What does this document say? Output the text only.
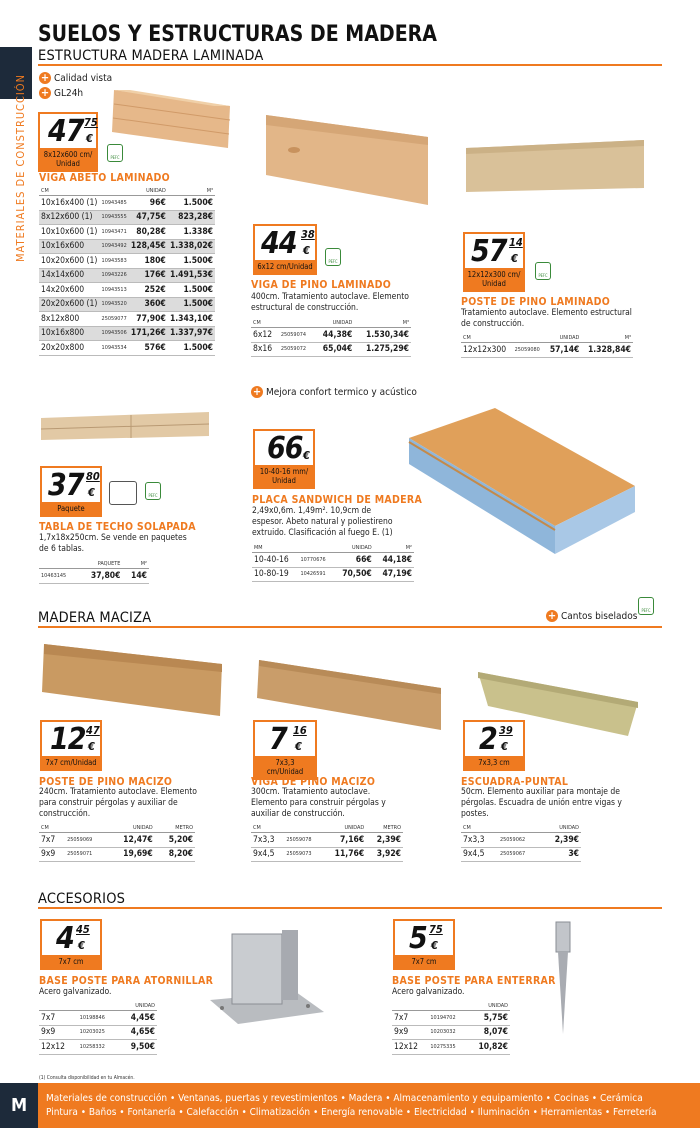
SUELOS Y ESTRUCTURAS DE MADERA
ESTRUCTURA MADERA LAMINADA
MATERIALES DE CONSTRUCCIÓN + Calidad vista
+ GL24h
47 75
€
8x12x600 cm/ Unidad
PEFC
VIGA ABETO LAMINADO
CM		UNIDAD	M³
10x16x400 (1)	10943485	96€	1.500€
8x12x600 (1)	10943555	47,75€	823,28€
10x10x600 (1)	10943471	80,28€	1.338€
10x16x600	10943492	128,45€	1.338,02€
10x20x600 (1)	10943583	180€	1.500€
14x14x600	10943226	176€	1.491,53€
14x20x600	10943513	252€	1.500€
20x20x600 (1)	10943520	360€	1.500€
8x12x800	25059077	77,90€	1.343,10€
10x16x800	10943506	171,26€	1.337,97€
20x20x800	10943534	576€	1.500€
44 38
€
6x12 cm/Unidad
PEFC
VIGA DE PINO LAMINADO
400cm. Tratamiento autoclave. Elemento estructural de construcción.
CM		UNIDAD	M³
6x12	25059074	44,38€	1.530,34€
8x16	25059072	65,04€	1.275,29€
57 14
€
12x12x300 cm/ Unidad
PEFC
POSTE DE PINO LAMINADO
Tratamiento autoclave. Elemento estructural de construcción.
CM		UNIDAD	M³
12x12x300	25059080	57,14€	1.328,84€
+ Mejora confort termico y acústico
37 80
€
Paquete
PEFC
TABLA DE TECHO SOLAPADA
1,7x18x250cm. Se vende en paquetes de 6 tablas.
	PAQUETE	M²
10463145	37,80€	14€
66 €
10-40-16 mm/ Unidad
PLACA SANDWICH DE MADERA
2,49x0,6m. 1,49m². 10,9cm de espesor. Abeto natural y poliestireno extruido. Clasificación al fuego E. (1)
MM		UNIDAD	M²
10-40-16	10770676	66€	44,18€
10-80-19	10426591	70,50€	47,19€
MADERA MACIZA	+ Cantos biselados
PEFC
12 47
€
7x7 cm/Unidad
POSTE DE PINO MACIZO
240cm. Tratamiento autoclave. Elemento para construir pérgolas y auxiliar de construcción.
CM		UNIDAD	METRO
7x7	25059069	12,47€	5,20€
9x9	25059071	19,69€	8,20€
7 16
€
7x3,3 cm/Unidad
VIGA DE PINO MACIZO
300cm. Tratamiento autoclave. Elemento para construir pérgolas y auxiliar de construcción.
CM		UNIDAD	METRO
7x3,3	25059078	7,16€	2,39€
9x4,5	25059073	11,76€	3,92€
2 39
€
7x3,3 cm
ESCUADRA-PUNTAL
50cm. Elemento auxiliar para montaje de pérgolas. Escuadra de unión entre vigas y postes.
CM		UNIDAD
7x3,3	25059062	2,39€
9x4,5	25059067	3€
ACCESORIOS
4 45
€
7x7 cm
BASE POSTE PARA ATORNILLAR
Acero galvanizado.
		UNIDAD
7x7	10198846	4,45€
9x9	10203025	4,65€
12x12	10258332	9,50€
5 75
€
7x7 cm
BASE POSTE PARA ENTERRAR
Acero galvanizado.
		UNIDAD
7x7	10194702	5,75€
9x9	10203032	8,07€
12x12	10275335	10,82€
(1) Consulta disponibilidad en tu Almacén.
M	Materiales de construcción • Ventanas, puertas y revestimientos • Madera • Almacenamiento y equipamiento • Cocinas • Cerámica
Pintura • Baños • Fontanería • Calefacción • Climatización • Energía renovable • Electricidad • Iluminación • Herramientas • Ferretería
